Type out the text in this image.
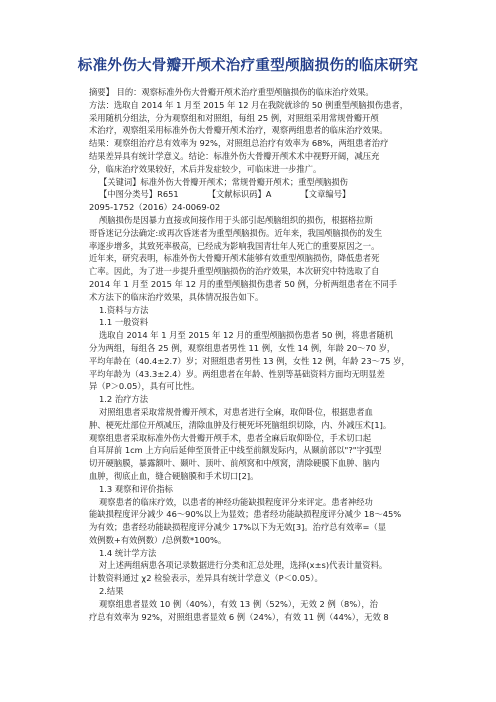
标准外伤大骨瓣开颅术治疗重型颅脑损伤的临床研究
摘要】 目的：观察标准外伤大骨瓣开颅术治疗重型颅脑损伤的临床治疗效果。
方法：选取自 2014 年 1 月至 2015 年 12 月在我院就诊的 50 例重型颅脑损伤患者，
采用随机分组法，分为观察组和对照组，每组 25 例，对照组采用常规骨瓣开颅
术治疗，观察组采用标准外伤大骨瓣开颅术治疗，观察两组患者的临床治疗效果。
结果：观察组治疗总有效率为 92%，对照组总治疗有效率为 68%，两组患者治疗
结果差异具有统计学意义。结论：标准外伤大骨瓣开颅术术中视野开阔，减压充
分，临床治疗效果较好，术后并发症较少，可临床进一步推广。
【关键词】标准外伤大骨瓣开颅术；常规骨瓣开颅术；重型颅脑损伤
【中图分类号】R651　　　　【文献标识码】A　　　　【文章编号】
2095-1752（2016）24-0069-02
颅脑损伤是因暴力直接或间接作用于头部引起颅脑组织的损伤，根据格拉斯
哥昏迷记分法确定:或再次昏迷者为重型颅脑损伤。近年来，我国颅脑损伤的发生
率逐步增多，其致死率极高，已经成为影响我国青壮年人死亡的重要原因之一。
近年来，研究表明，标准外伤大骨瓣开颅术能够有效重型颅脑损伤，降低患者死
亡率。因此，为了进一步提升重型颅脑损伤的治疗效果，本次研究中特选取了自
2014 年 1 月至 2015 年 12 月的重型颅脑损伤患者 50 例，分析两组患者在不同手
术方法下的临床治疗效果，具体情况报告如下。
1.资料与方法
1.1 一般资料
选取自 2014 年 1 月至 2015 年 12 月的重型颅脑损伤患者 50 例，将患者随机
分为两组，每组各 25 例，观察组患者男性 11 例，女性 14 例，年龄 20～70 岁，
平均年龄在（40.4±2.7）岁；对照组患者男性 13 例，女性 12 例，年龄 23～75 岁，
平均年龄为（43.3±2.4）岁。两组患者在年龄、性别等基础资料方面均无明显差
异（P＞0.05），具有可比性。
1.2 治疗方法
对照组患者采取常规骨瓣开颅术，对患者进行全麻，取仰卧位，根据患者血
肿、梗死灶部位开颅减压，清除血肿及行梗死坏死脑组织切除，内、外减压术[1]。
观察组患者采取标准外伤大骨瓣开颅手术，患者全麻后取仰卧位，手术切口起
自耳屏前 1cm 上方向后延伸至顶骨正中线至前额发际内，从颞前部以"?"字弧型
切开硬脑膜，暴露额叶、颞叶、顶叶、前颅窝和中颅窝，清除硬膜下血肿、脑内
血肿，彻底止血，缝合硬脑膜和手术切口[2]。
1.3 观察和评价指标
观察患者的临床疗效，以患者的神经功能缺损程度评分来评定。患者神经功
能缺损程度评分减少 46～90%以上为显效；患者经功能缺损程度评分减少 18～45%
为有效；患者经功能缺损程度评分减少 17%以下为无效[3]。治疗总有效率=（显
效例数+有效例数）/总例数*100%。
1.4 统计学方法
对上述两组病患各项记录数据进行分类和汇总处理，选择(x±s)代表计量资料。
计数资料通过 χ2 检验表示，差异具有统计学意义（P＜0.05）。
2.结果
观察组患者显效 10 例（40%），有效 13 例（52%），无效 2 例（8%），治
疗总有效率为 92%，对照组患者显效 6 例（24%），有效 11 例（44%），无效 8
